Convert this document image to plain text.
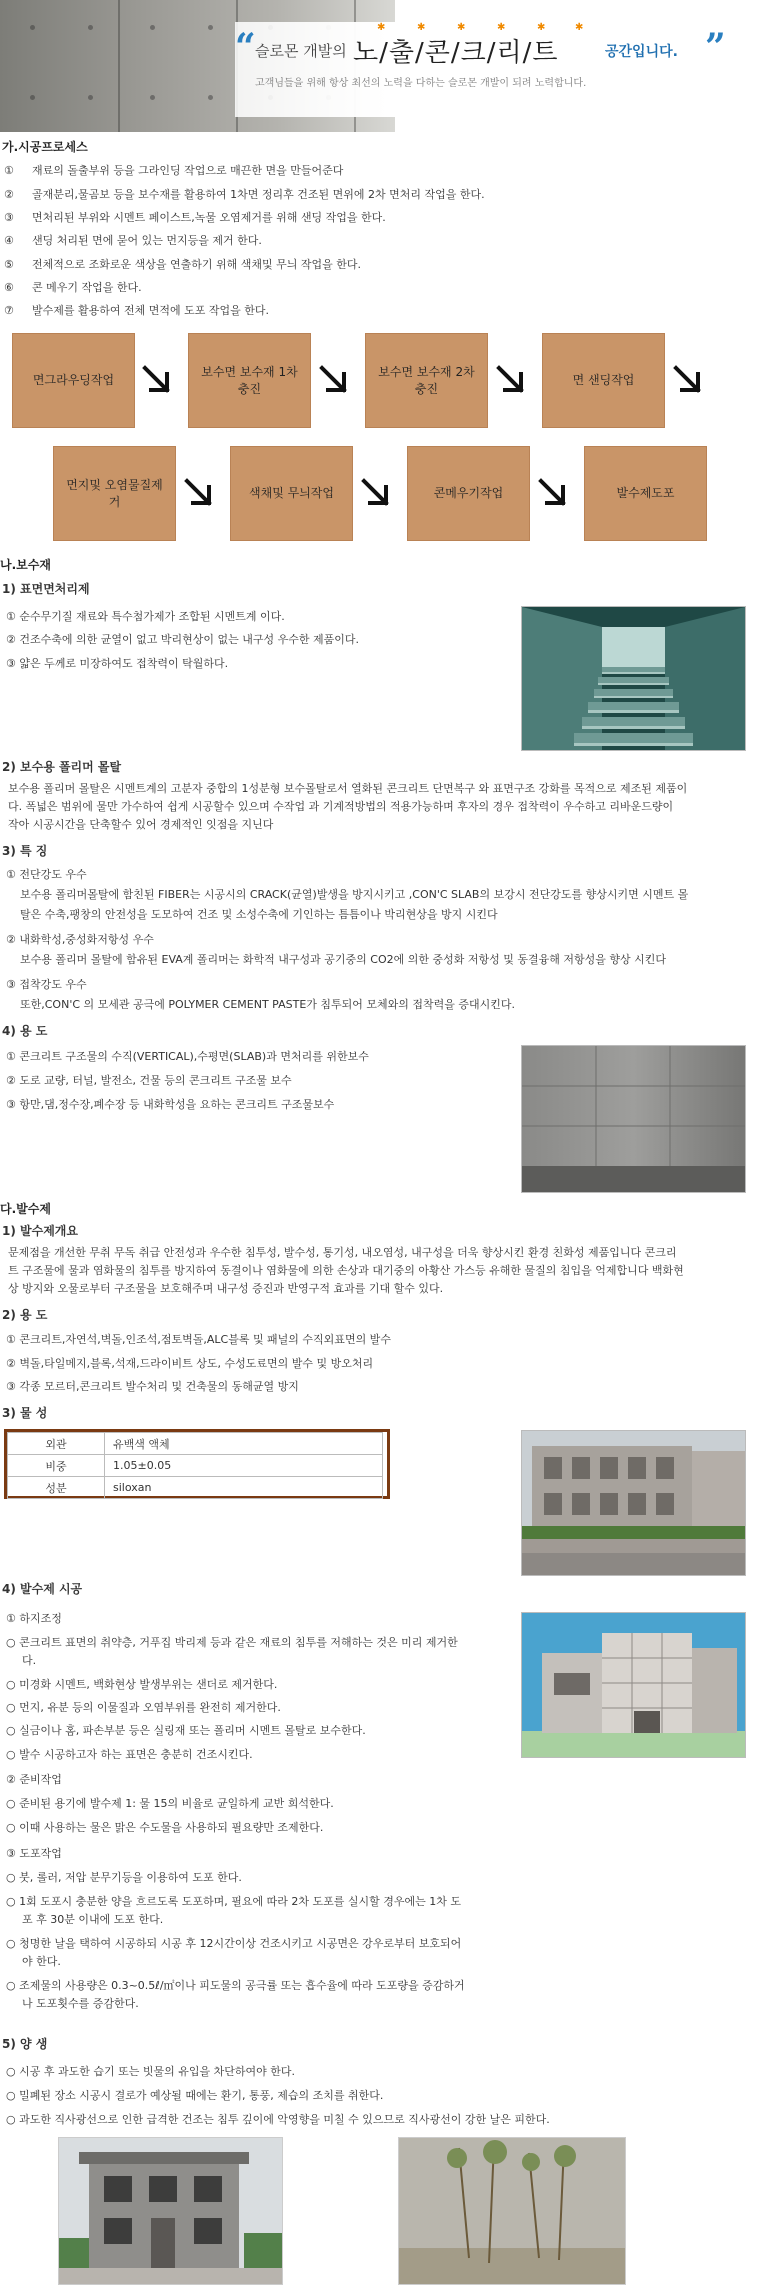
“ 슬로몬 개발의
✱	✱	✱	✱	✱	✱
노/출/콘/크/리/트	공간입니다. ”
고객님들을 위해 항상 최선의 노력을 다하는 슬로몬 개발이 되려 노력합니다.
가.시공프로세스
① 재료의 돌출부위 등을 그라인딩 작업으로 매끈한 면을 만들어준다
② 골재분리,물곰보 등을 보수재를 활용하여 1차면 정리후 건조된 면위에 2차 면처리 작업을 한다.
③ 면처리된 부위와 시멘트 페이스트,녹물 오염제거를 위해 샌딩 작업을 한다.
④ 샌딩 처리된 면에 묻어 있는 먼지등을 제거 한다.
⑤ 전체적으로 조화로운 색상을 연출하기 위해 색채및 무늬 작업을 한다.
⑥ 콘 메우기 작업을 한다.
⑦ 발수제를 활용하여 전체 면적에 도포 작업을 한다.
면그라우딩작업
보수면 보수재 1차 충진
보수면 보수재 2차 충진
면 샌딩작업
먼지및 오염물질제거
색채및 무늬작업	콘메우기작업	발수제도포
나.보수재
1) 표면면처리제
① 순수무기질 재료와 특수첨가제가 조합된 시멘트계 이다.
② 건조수축에 의한 균열이 없고 박리현상이 없는 내구성 우수한 제품이다.
③ 얇은 두께로 미장하여도 접착력이 탁월하다.
2) 보수용 폴리머 몰탈
보수용 폴리머 몰탈은 시멘트계의 고분자 중합의 1성분형 보수몰탈로서 열화된 콘크리트 단면복구 와 표면구조 강화를 목적으로 제조된 제품이
다. 폭넓은 범위에 물만 가수하여 쉽게 시공할수 있으며 수작업 과 기계적방법의 적용가능하며 후자의 경우 접착력이 우수하고 리바운드량이
작아 시공시간을 단축할수 있어 경제적인 잇점을 지닌다
3) 특 징
① 전단강도 우수
보수용 폴리머몰탈에 함친된 FIBER는 시공시의 CRACK(균열)발생을 방지시키고 ,CON'C SLAB의 보강시 전단강도를 향상시키면 시멘트 몰
탈은 수축,팽창의 안전성을 도모하여 건조 및 소성수축에 기인하는 틈틈이나 박리현상을 방지 시킨다
② 내화학성,중성화저항성 우수
보수용 폴리머 몰탈에 함유된 EVA계 폴리머는 화학적 내구성과 공기중의 CO2에 의한 중성화 저항성 및 동결융해 저항성을 향상 시킨다
③ 접착강도 우수
또한,CON'C 의 모세관 공극에 POLYMER CEMENT PASTE가 침투되어 모체와의 접착력을 증대시킨다.
4) 용 도
① 콘크리트 구조물의 수직(VERTICAL),수평면(SLAB)과 면처리를 위한보수
② 도로 교량, 터널, 발전소, 건물 등의 콘크리트 구조물 보수
③ 항만,댐,정수장,폐수장 등 내화학성을 요하는 콘크리트 구조물보수
다.발수제
1) 발수제개요
문제점을 개선한 무취 무독 취급 안전성과 우수한 침투성, 발수성, 통기성, 내오염성, 내구성을 더욱 향상시킨 환경 친화성 제품입니다 콘크리
트 구조물에 물과 염화물의 침투를 방지하여 동결이나 염화물에 의한 손상과 대기중의 아황산 가스등 유해한 물질의 침입을 억제합니다 백화현
상 방지와 오물로부터 구조물을 보호해주며 내구성 증진과 반영구적 효과를 기대 할수 있다.
2) 용 도
① 콘크리트,자연석,벽돌,인조석,점토벽돌,ALC블록 및 패널의 수직외표면의 발수
② 벽돌,타일메지,블록,석재,드라이비트 상도, 수성도료면의 발수 및 방오처리
③ 각종 모르터,콘크리트 발수처리 및 건축물의 동해균열 방지
3) 물 성
외관	유백색 액체
비중	1.05±0.05
성분	siloxan
4) 발수제 시공
① 하지조정
○ 콘크리트 표면의 취약층, 거푸집 박리제 등과 같은 재료의 침투를 저해하는 것은 미리 제거한
다.
○ 미경화 시멘트, 백화현상 발생부위는 샌더로 제거한다.
○ 먼지, 유분 등의 이물질과 오염부위를 완전히 제거한다.
○ 실금이나 홈, 파손부분 등은 실링재 또는 폴리머 시멘트 몰탈로 보수한다.
○ 발수 시공하고자 하는 표면은 충분히 건조시킨다.
② 준비작업
○ 준비된 용기에 발수제 1: 물 15의 비율로 균일하게 교반 희석한다.
○ 이때 사용하는 물은 맑은 수도물을 사용하되 필요량만 조제한다.
③ 도포작업
○ 붓, 롤러, 저압 분무기등을 이용하여 도포 한다.
○ 1회 도포시 충분한 양을 흐르도록 도포하며, 필요에 따라 2차 도포를 실시할 경우에는 1차 도
포 후 30분 이내에 도포 한다.
○ 청명한 날을 택하여 시공하되 시공 후 12시간이상 건조시키고 시공면은 강우로부터 보호되어
야 한다.
○ 조제물의 사용량은 0.3~0.5ℓ/㎡이나 피도물의 공극률 또는 흡수율에 따라 도포량을 증감하거
나 도포횟수를 증감한다.
5) 양 생
○ 시공 후 과도한 습기 또는 빗물의 유입을 차단하여야 한다.
○ 밀폐된 장소 시공시 결로가 예상될 때에는 환기, 통풍, 제습의 조치를 취한다.
○ 과도한 직사광선으로 인한 급격한 건조는 침투 깊이에 악영향을 미칠 수 있으므로 직사광선이 강한 날은 피한다.
